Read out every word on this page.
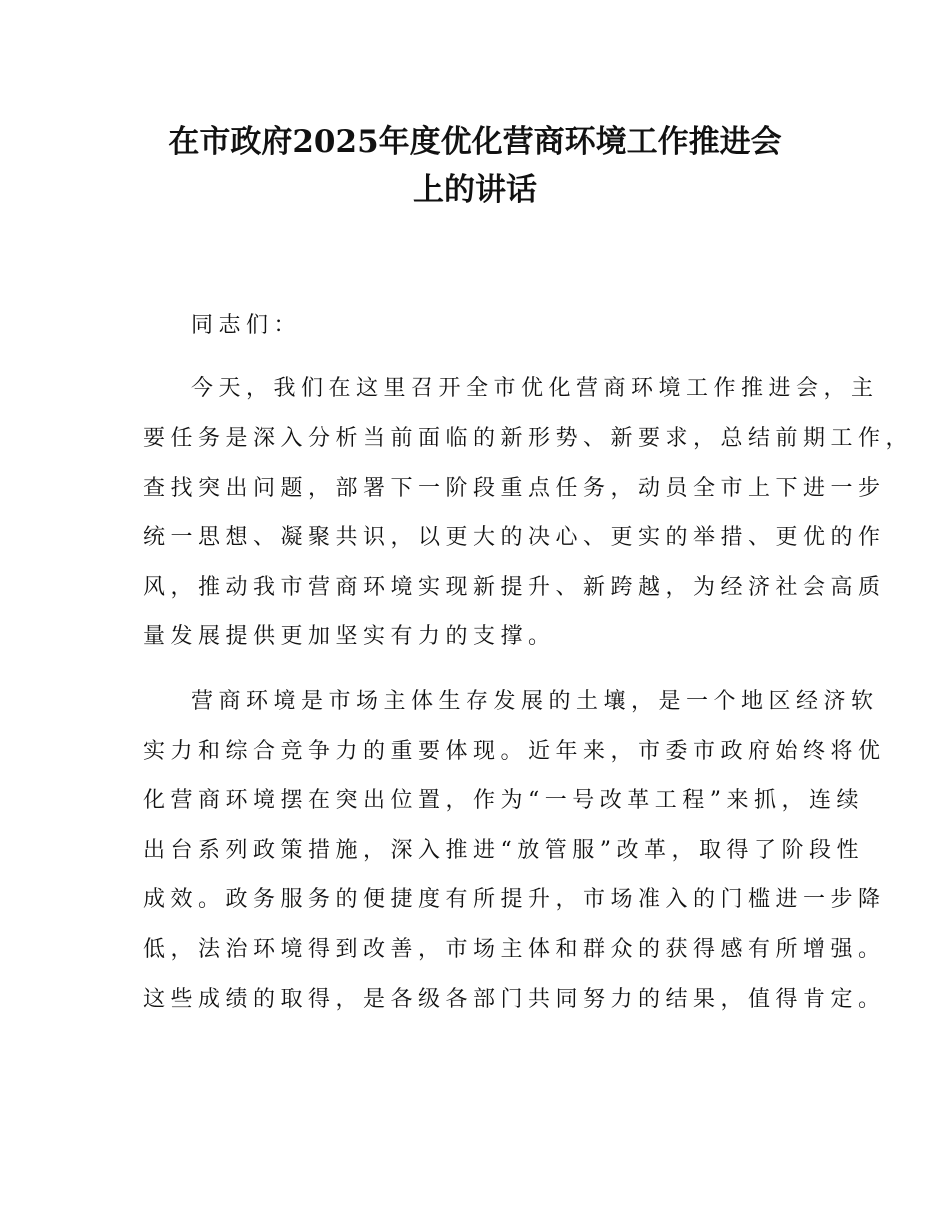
在市政府2025年度优化营商环境工作推进会
上的讲话

同志们：

今天，我们在这里召开全市优化营商环境工作推进会，主

要任务是深入分析当前面临的新形势、新要求，总结前期工作，

查找突出问题，部署下一阶段重点任务，动员全市上下进一步

统一思想、凝聚共识，以更大的决心、更实的举措、更优的作

风，推动我市营商环境实现新提升、新跨越，为经济社会高质

量发展提供更加坚实有力的支撑。

营商环境是市场主体生存发展的土壤，是一个地区经济软

实力和综合竞争力的重要体现。近年来，市委市政府始终将优

化营商环境摆在突出位置，作为“一号改革工程”来抓，连续

出台系列政策措施，深入推进“放管服”改革，取得了阶段性

成效。政务服务的便捷度有所提升，市场准入的门槛进一步降

低，法治环境得到改善，市场主体和群众的获得感有所增强。

这些成绩的取得，是各级各部门共同努力的结果，值得肯定。
